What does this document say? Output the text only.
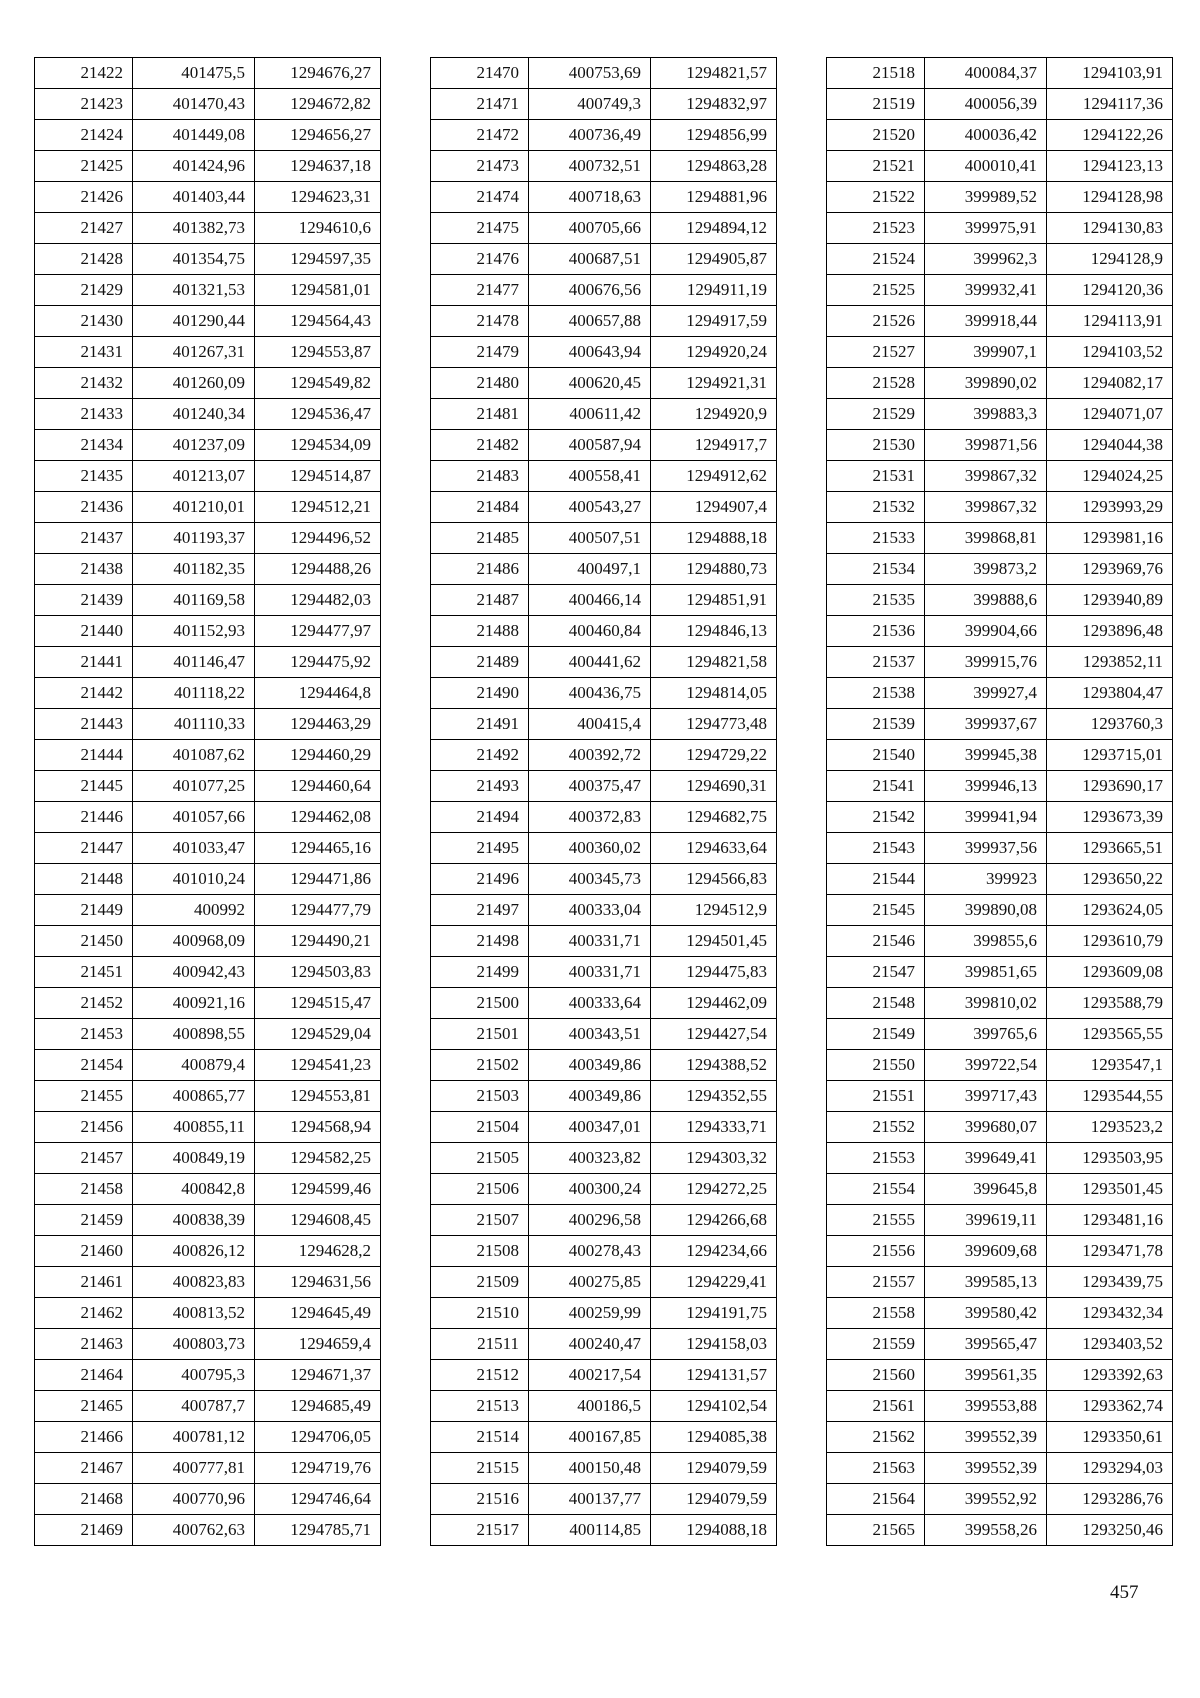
21422	401475,5	1294676,27
21423	401470,43	1294672,82
21424	401449,08	1294656,27
21425	401424,96	1294637,18
21426	401403,44	1294623,31
21427	401382,73	1294610,6
21428	401354,75	1294597,35
21429	401321,53	1294581,01
21430	401290,44	1294564,43
21431	401267,31	1294553,87
21432	401260,09	1294549,82
21433	401240,34	1294536,47
21434	401237,09	1294534,09
21435	401213,07	1294514,87
21436	401210,01	1294512,21
21437	401193,37	1294496,52
21438	401182,35	1294488,26
21439	401169,58	1294482,03
21440	401152,93	1294477,97
21441	401146,47	1294475,92
21442	401118,22	1294464,8
21443	401110,33	1294463,29
21444	401087,62	1294460,29
21445	401077,25	1294460,64
21446	401057,66	1294462,08
21447	401033,47	1294465,16
21448	401010,24	1294471,86
21449	400992	1294477,79
21450	400968,09	1294490,21
21451	400942,43	1294503,83
21452	400921,16	1294515,47
21453	400898,55	1294529,04
21454	400879,4	1294541,23
21455	400865,77	1294553,81
21456	400855,11	1294568,94
21457	400849,19	1294582,25
21458	400842,8	1294599,46
21459	400838,39	1294608,45
21460	400826,12	1294628,2
21461	400823,83	1294631,56
21462	400813,52	1294645,49
21463	400803,73	1294659,4
21464	400795,3	1294671,37
21465	400787,7	1294685,49
21466	400781,12	1294706,05
21467	400777,81	1294719,76
21468	400770,96	1294746,64
21469	400762,63	1294785,71
21470	400753,69	1294821,57
21471	400749,3	1294832,97
21472	400736,49	1294856,99
21473	400732,51	1294863,28
21474	400718,63	1294881,96
21475	400705,66	1294894,12
21476	400687,51	1294905,87
21477	400676,56	1294911,19
21478	400657,88	1294917,59
21479	400643,94	1294920,24
21480	400620,45	1294921,31
21481	400611,42	1294920,9
21482	400587,94	1294917,7
21483	400558,41	1294912,62
21484	400543,27	1294907,4
21485	400507,51	1294888,18
21486	400497,1	1294880,73
21487	400466,14	1294851,91
21488	400460,84	1294846,13
21489	400441,62	1294821,58
21490	400436,75	1294814,05
21491	400415,4	1294773,48
21492	400392,72	1294729,22
21493	400375,47	1294690,31
21494	400372,83	1294682,75
21495	400360,02	1294633,64
21496	400345,73	1294566,83
21497	400333,04	1294512,9
21498	400331,71	1294501,45
21499	400331,71	1294475,83
21500	400333,64	1294462,09
21501	400343,51	1294427,54
21502	400349,86	1294388,52
21503	400349,86	1294352,55
21504	400347,01	1294333,71
21505	400323,82	1294303,32
21506	400300,24	1294272,25
21507	400296,58	1294266,68
21508	400278,43	1294234,66
21509	400275,85	1294229,41
21510	400259,99	1294191,75
21511	400240,47	1294158,03
21512	400217,54	1294131,57
21513	400186,5	1294102,54
21514	400167,85	1294085,38
21515	400150,48	1294079,59
21516	400137,77	1294079,59
21517	400114,85	1294088,18
21518	400084,37	1294103,91
21519	400056,39	1294117,36
21520	400036,42	1294122,26
21521	400010,41	1294123,13
21522	399989,52	1294128,98
21523	399975,91	1294130,83
21524	399962,3	1294128,9
21525	399932,41	1294120,36
21526	399918,44	1294113,91
21527	399907,1	1294103,52
21528	399890,02	1294082,17
21529	399883,3	1294071,07
21530	399871,56	1294044,38
21531	399867,32	1294024,25
21532	399867,32	1293993,29
21533	399868,81	1293981,16
21534	399873,2	1293969,76
21535	399888,6	1293940,89
21536	399904,66	1293896,48
21537	399915,76	1293852,11
21538	399927,4	1293804,47
21539	399937,67	1293760,3
21540	399945,38	1293715,01
21541	399946,13	1293690,17
21542	399941,94	1293673,39
21543	399937,56	1293665,51
21544	399923	1293650,22
21545	399890,08	1293624,05
21546	399855,6	1293610,79
21547	399851,65	1293609,08
21548	399810,02	1293588,79
21549	399765,6	1293565,55
21550	399722,54	1293547,1
21551	399717,43	1293544,55
21552	399680,07	1293523,2
21553	399649,41	1293503,95
21554	399645,8	1293501,45
21555	399619,11	1293481,16
21556	399609,68	1293471,78
21557	399585,13	1293439,75
21558	399580,42	1293432,34
21559	399565,47	1293403,52
21560	399561,35	1293392,63
21561	399553,88	1293362,74
21562	399552,39	1293350,61
21563	399552,39	1293294,03
21564	399552,92	1293286,76
21565	399558,26	1293250,46
457
